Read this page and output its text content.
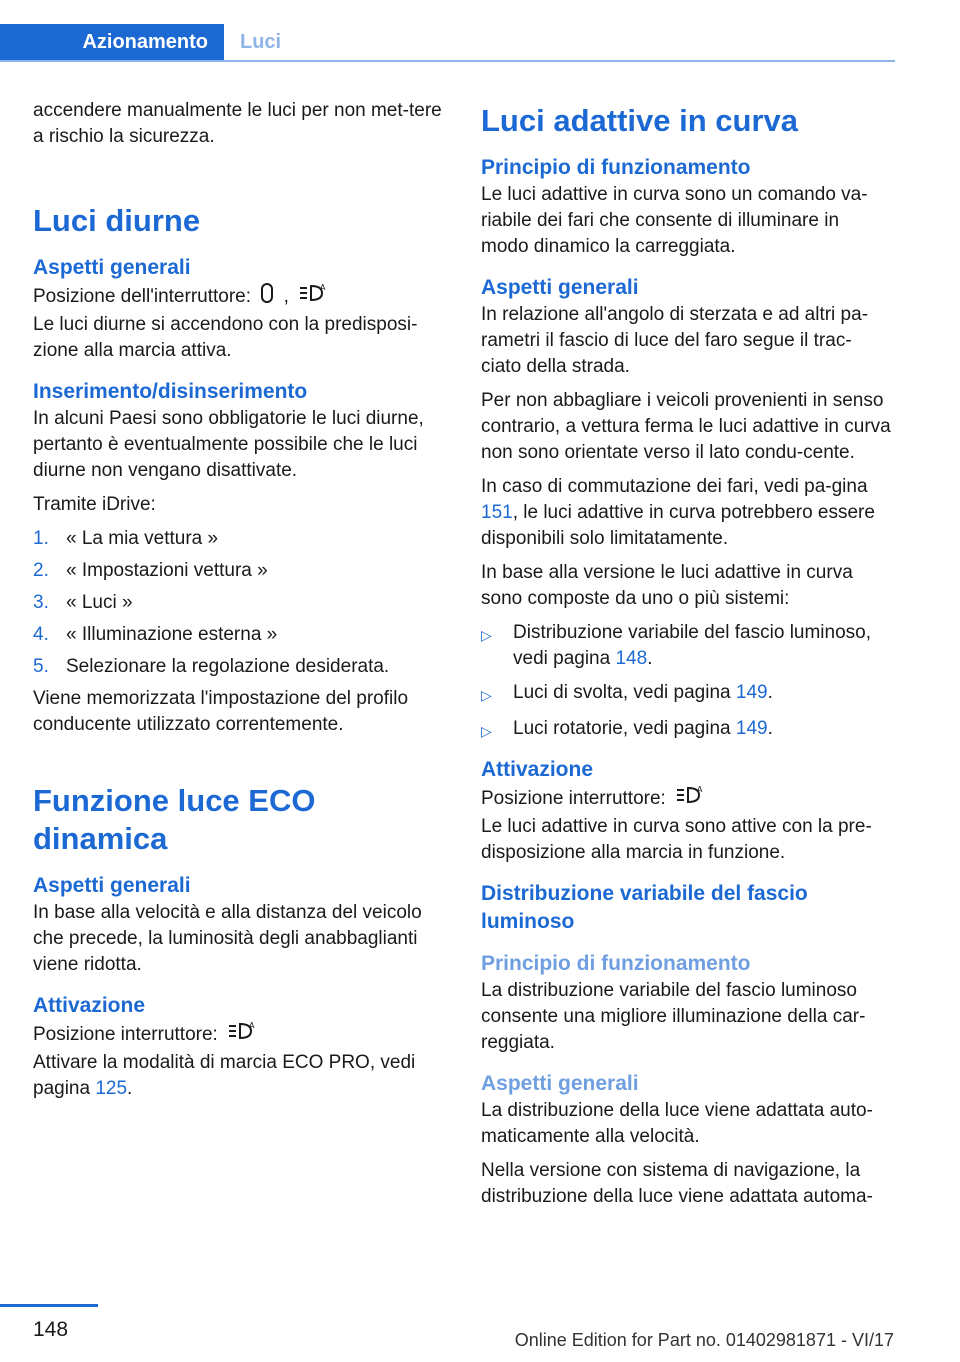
Azionamento	Luci

accendere manualmente le luci per non met-tere a rischio la sicurezza.

Luci diurne
Aspetti generali

Posizione dell'interruttore: ,	A

Le luci diurne si accendono con la predisposi-zione alla marcia attiva.

Inserimento/disinserimento

In alcuni Paesi sono obbligatorie le luci diurne, pertanto è eventualmente possibile che le luci diurne non vengano disattivate.

Tramite iDrive:

1. « La mia vettura »
2. « Impostazioni vettura »
3. « Luci »
4. « Illuminazione esterna »
5. Selezionare la regolazione desiderata.

Viene memorizzata l'impostazione del profilo conducente utilizzato correntemente.

Funzione luce ECO dinamica
Aspetti generali

In base alla velocità e alla distanza del veicolo che precede, la luminosità degli anabbaglianti viene ridotta.

Attivazione

Posizione interruttore:	A

Attivare la modalità di marcia ECO PRO, vedi pagina 125.

Luci adattive in curva
Principio di funzionamento

Le luci adattive in curva sono un comando va-riabile dei fari che consente di illuminare in modo dinamico la carreggiata.

Aspetti generali

In relazione all'angolo di sterzata e ad altri pa-rametri il fascio di luce del faro segue il trac-ciato della strada.

Per non abbagliare i veicoli provenienti in senso contrario, a vettura ferma le luci adattive in curva non sono orientate verso il lato condu-cente.

In caso di commutazione dei fari, vedi pa-gina 151, le luci adattive in curva potrebbero essere disponibili solo limitatamente.

In base alla versione le luci adattive in curva sono composte da uno o più sistemi:

▷	Distribuzione variabile del fascio luminoso, vedi pagina 148.
▷	Luci di svolta, vedi pagina 149.
▷	Luci rotatorie, vedi pagina 149.
Attivazione

Posizione interruttore:	A

Le luci adattive in curva sono attive con la pre-disposizione alla marcia in funzione.

Distribuzione variabile del fascio luminoso
Principio di funzionamento

La distribuzione variabile del fascio luminoso consente una migliore illuminazione della car-reggiata.

Aspetti generali

La distribuzione della luce viene adattata auto-maticamente alla velocità.

Nella versione con sistema di navigazione, la distribuzione della luce viene adattata automa-

148	Online Edition for Part no. 01402981871 - VI/17
